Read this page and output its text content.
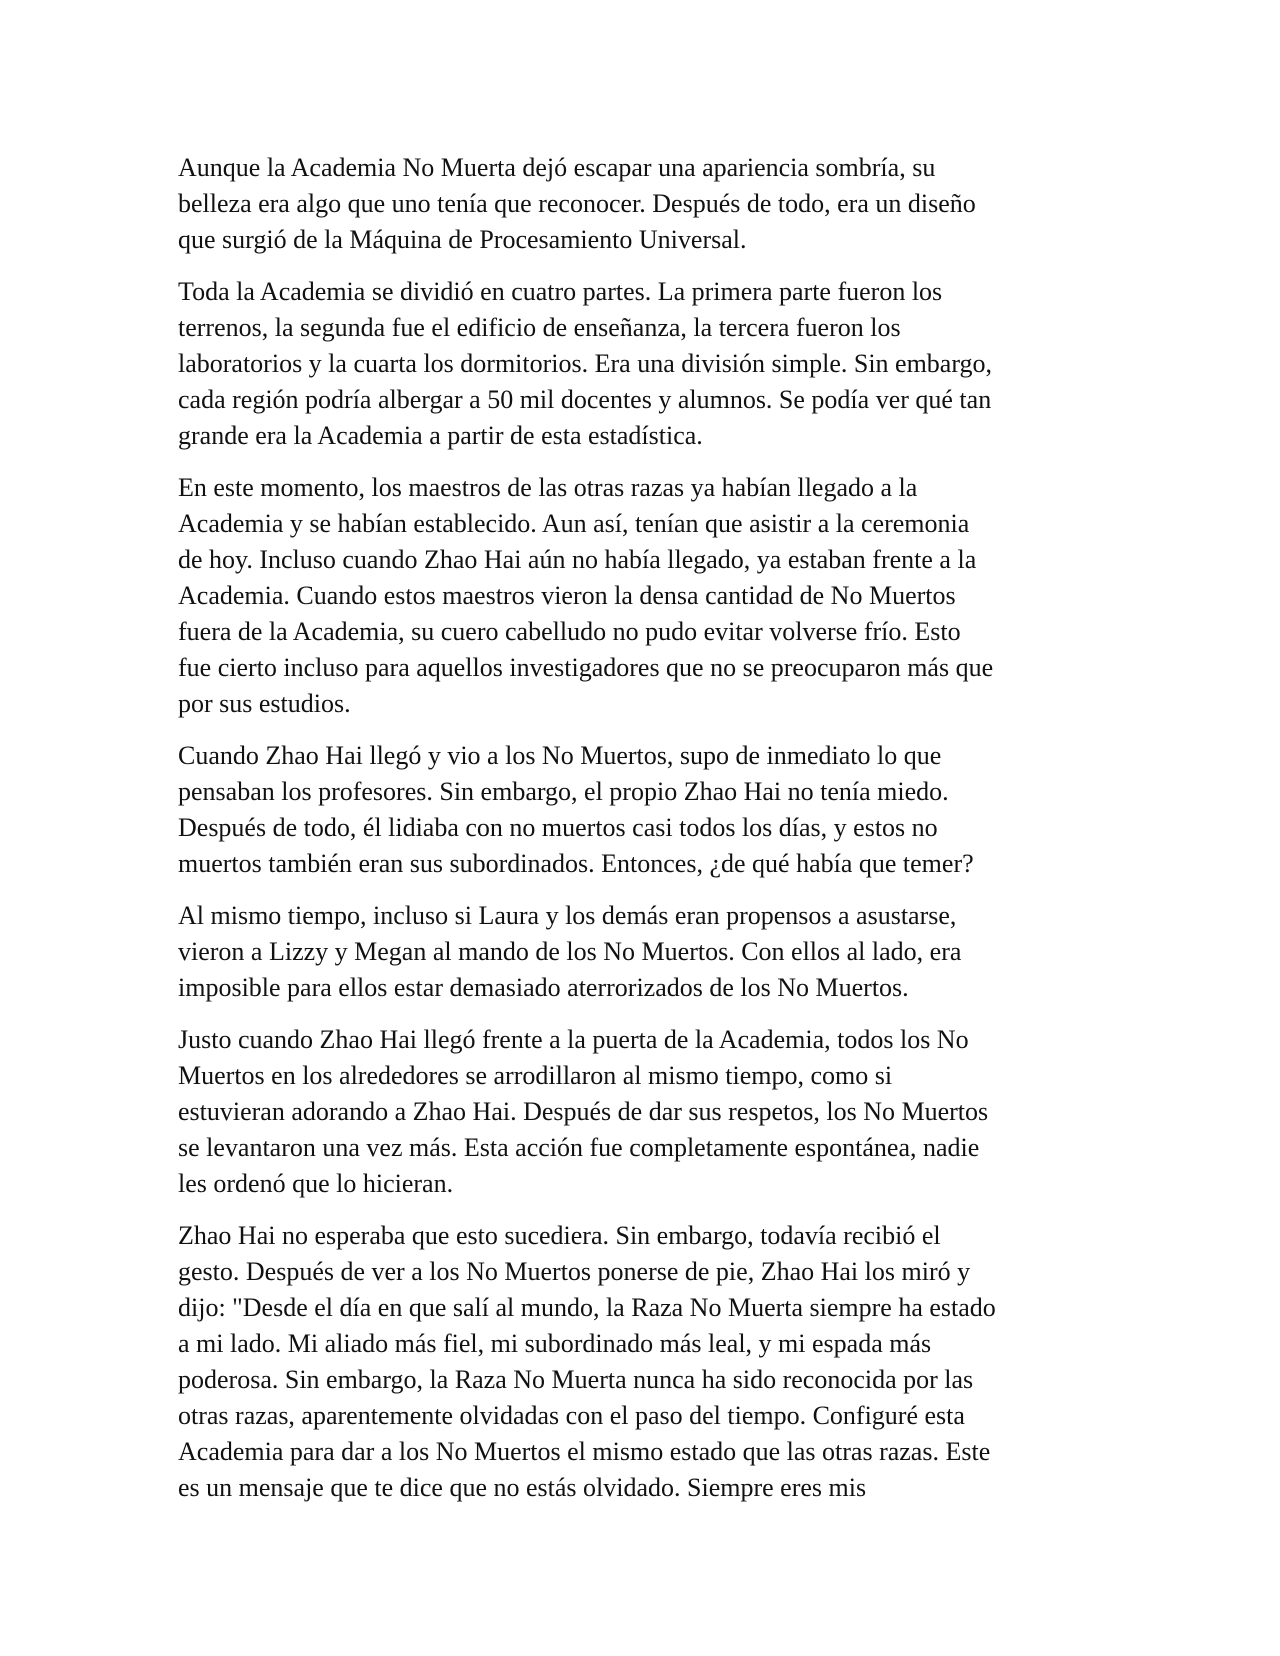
Aunque la Academia No Muerta dejó escapar una apariencia sombría, su
belleza era algo que uno tenía que reconocer. Después de todo, era un diseño
que surgió de la Máquina de Procesamiento Universal.

Toda la Academia se dividió en cuatro partes. La primera parte fueron los
terrenos, la segunda fue el edificio de enseñanza, la tercera fueron los
laboratorios y la cuarta los dormitorios. Era una división simple. Sin embargo,
cada región podría albergar a 50 mil docentes y alumnos. Se podía ver qué tan
grande era la Academia a partir de esta estadística.

En este momento, los maestros de las otras razas ya habían llegado a la
Academia y se habían establecido. Aun así, tenían que asistir a la ceremonia
de hoy. Incluso cuando Zhao Hai aún no había llegado, ya estaban frente a la
Academia. Cuando estos maestros vieron la densa cantidad de No Muertos
fuera de la Academia, su cuero cabelludo no pudo evitar volverse frío. Esto
fue cierto incluso para aquellos investigadores que no se preocuparon más que
por sus estudios.

Cuando Zhao Hai llegó y vio a los No Muertos, supo de inmediato lo que
pensaban los profesores. Sin embargo, el propio Zhao Hai no tenía miedo.
Después de todo, él lidiaba con no muertos casi todos los días, y estos no
muertos también eran sus subordinados. Entonces, ¿de qué había que temer?

Al mismo tiempo, incluso si Laura y los demás eran propensos a asustarse,
vieron a Lizzy y Megan al mando de los No Muertos. Con ellos al lado, era
imposible para ellos estar demasiado aterrorizados de los No Muertos.

Justo cuando Zhao Hai llegó frente a la puerta de la Academia, todos los No
Muertos en los alrededores se arrodillaron al mismo tiempo, como si
estuvieran adorando a Zhao Hai. Después de dar sus respetos, los No Muertos
se levantaron una vez más. Esta acción fue completamente espontánea, nadie
les ordenó que lo hicieran.

Zhao Hai no esperaba que esto sucediera. Sin embargo, todavía recibió el
gesto. Después de ver a los No Muertos ponerse de pie, Zhao Hai los miró y
dijo: "Desde el día en que salí al mundo, la Raza No Muerta siempre ha estado
a mi lado. Mi aliado más fiel, mi subordinado más leal, y mi espada más
poderosa. Sin embargo, la Raza No Muerta nunca ha sido reconocida por las
otras razas, aparentemente olvidadas con el paso del tiempo. Configuré esta
Academia para dar a los No Muertos el mismo estado que las otras razas. Este
es un mensaje que te dice que no estás olvidado. Siempre eres mis
